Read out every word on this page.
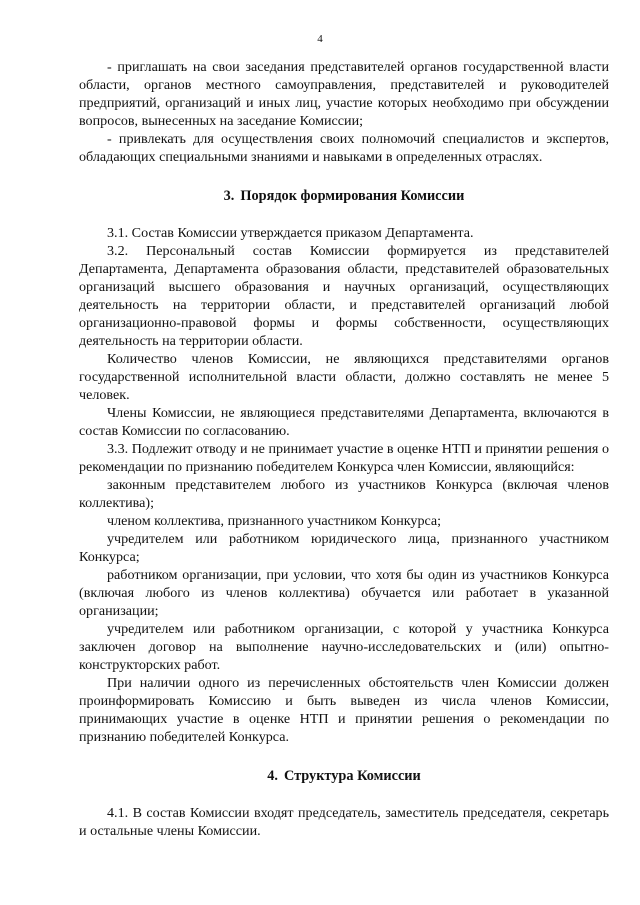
4

- приглашать на свои заседания представителей органов государственной власти области, органов местного самоуправления, представителей и руководителей предприятий, организаций и иных лиц, участие которых необходимо при обсуждении вопросов, вынесенных на заседание Комиссии;

- привлекать для осуществления своих полномочий специалистов и экспертов, обладающих специальными знаниями и навыками в определенных отраслях.

3. Порядок формирования Комиссии

3.1. Состав Комиссии утверждается приказом Департамента.

3.2. Персональный состав Комиссии формируется из представителей Департамента, Департамента образования области, представителей образовательных организаций высшего образования и научных организаций, осуществляющих деятельность на территории области, и представителей организаций любой организационно-правовой формы и формы собственности, осуществляющих деятельность на территории области.

Количество членов Комиссии, не являющихся представителями органов государственной исполнительной власти области, должно составлять не менее 5 человек.

Члены Комиссии, не являющиеся представителями Департамента, включаются в состав Комиссии по согласованию.

3.3. Подлежит отводу и не принимает участие в оценке НТП и принятии решения о рекомендации по признанию победителем Конкурса член Комиссии, являющийся:

законным представителем любого из участников Конкурса (включая членов коллектива);

членом коллектива, признанного участником Конкурса;

учредителем или работником юридического лица, признанного участником Конкурса;

работником организации, при условии, что хотя бы один из участников Конкурса (включая любого из членов коллектива) обучается или работает в указанной организации;

учредителем или работником организации, с которой у участника Конкурса заключен договор на выполнение научно-исследовательских и (или) опытно-конструкторских работ.

При наличии одного из перечисленных обстоятельств член Комиссии должен проинформировать Комиссию и быть выведен из числа членов Комиссии, принимающих участие в оценке НТП и принятии решения о рекомендации по признанию победителей Конкурса.

4. Структура Комиссии

4.1. В состав Комиссии входят председатель, заместитель председателя, секретарь и остальные члены Комиссии.
